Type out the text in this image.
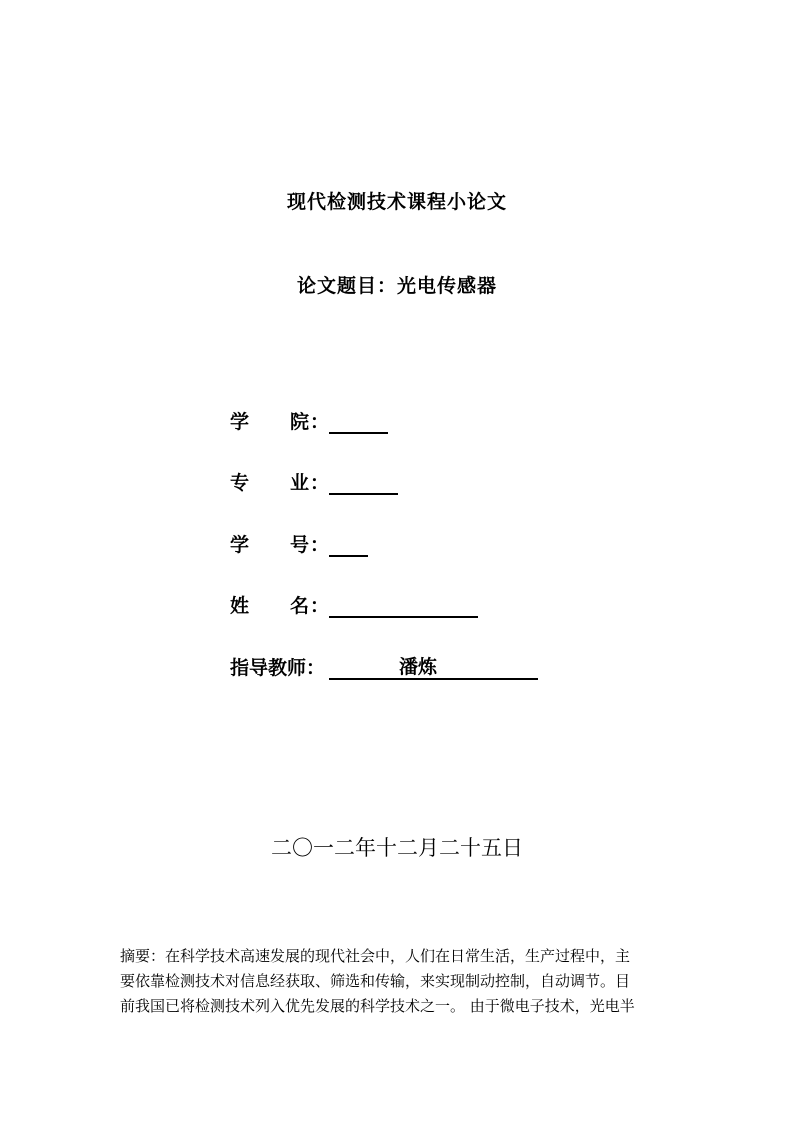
现代检测技术课程小论文
论文题目：光电传感器
学 院 ：
专 业 ：
学 号 ：
姓 名 ：
指导教师：	潘炼
二〇一二年十二月二十五日
摘要：在科学技术高速发展的现代社会中，人们在日常生活，生产过程中，主
要依靠检测技术对信息经获取、筛选和传输，来实现制动控制，自动调节。目
前我国已将检测技术列入优先发展的科学技术之一。 由于微电子技术，光电半
